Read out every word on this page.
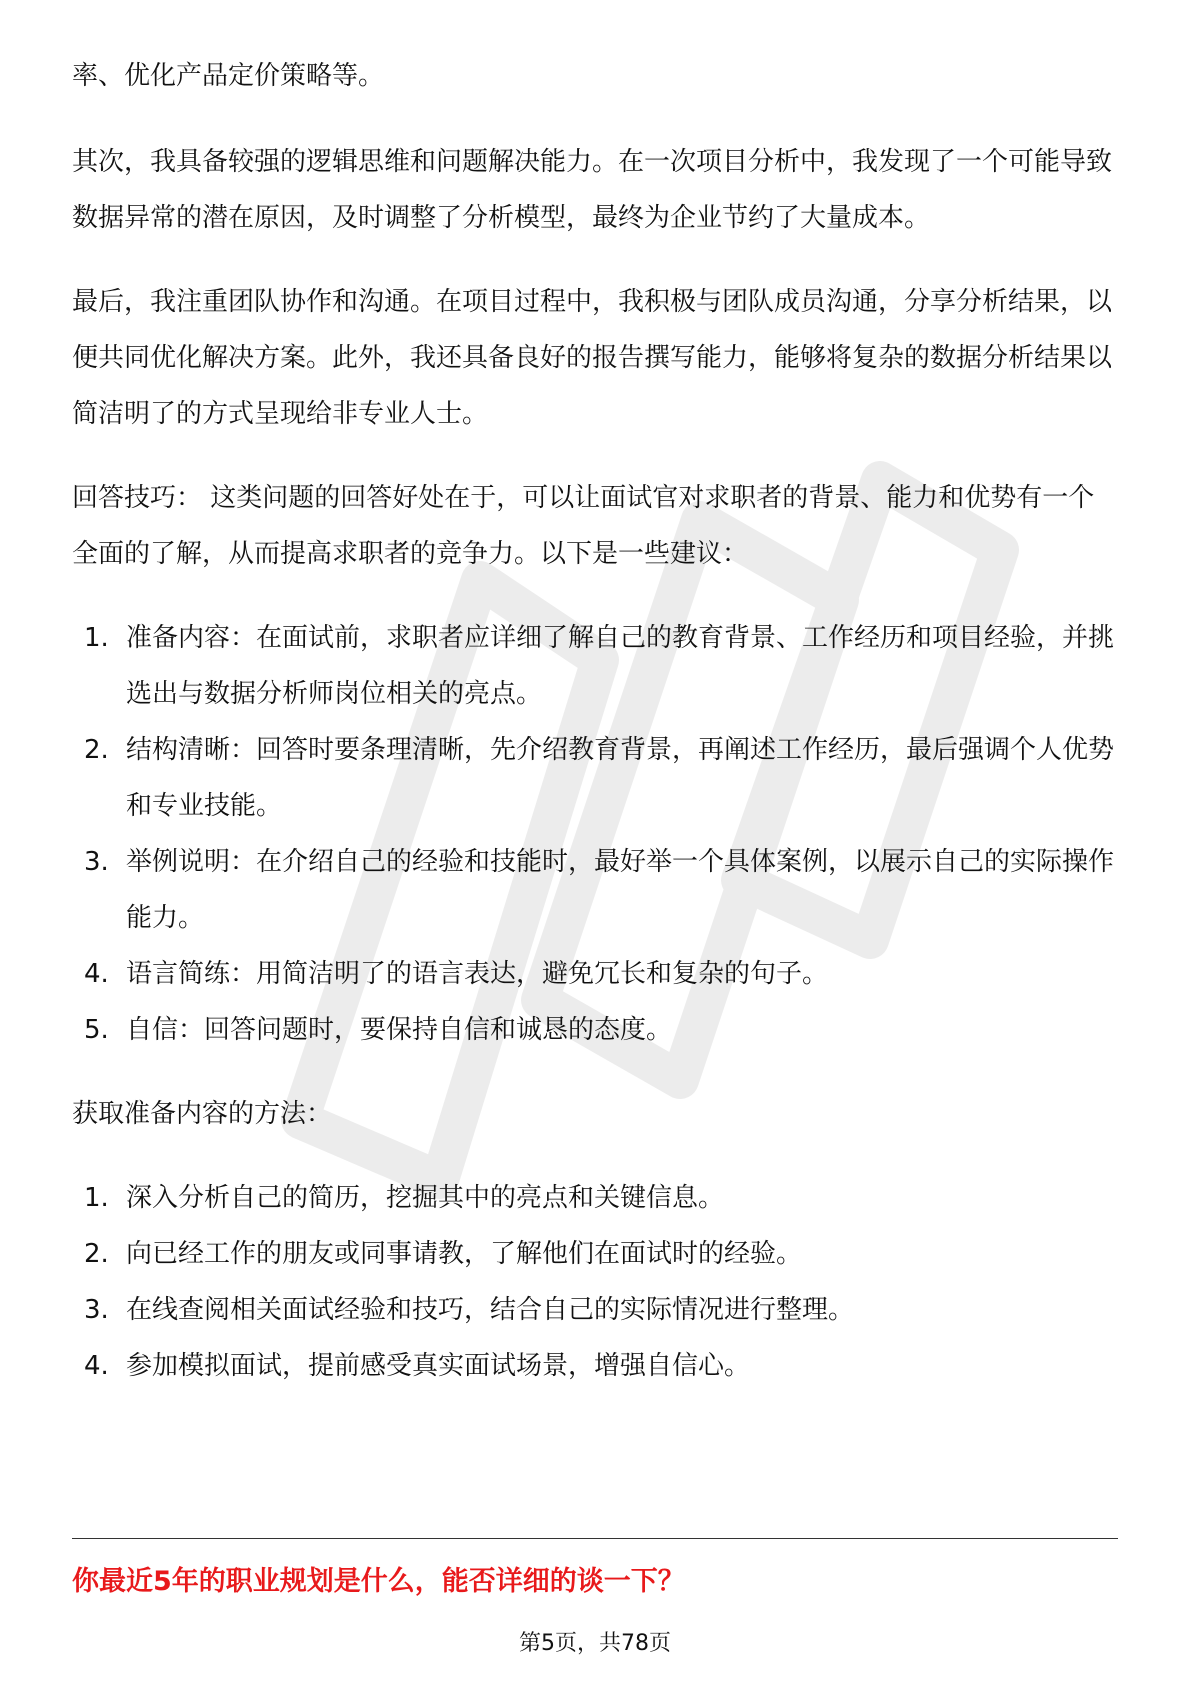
率、优化产品定价策略等。

其次，我具备较强的逻辑思维和问题解决能力。在一次项目分析中，我发现了一个可能导致数据异常的潜在原因，及时调整了分析模型，最终为企业节约了大量成本。

最后，我注重团队协作和沟通。在项目过程中，我积极与团队成员沟通，分享分析结果，以便共同优化解决方案。此外，我还具备良好的报告撰写能力，能够将复杂的数据分析结果以简洁明了的方式呈现给非专业人士。

回答技巧： 这类问题的回答好处在于，可以让面试官对求职者的背景、能力和优势有一个全面的了解，从而提高求职者的竞争力。以下是一些建议：

1. 准备内容：在面试前，求职者应详细了解自己的教育背景、工作经历和项目经验，并挑选出与数据分析师岗位相关的亮点。
2. 结构清晰：回答时要条理清晰，先介绍教育背景，再阐述工作经历，最后强调个人优势和专业技能。
3. 举例说明：在介绍自己的经验和技能时，最好举一个具体案例，以展示自己的实际操作能力。
4. 语言简练：用简洁明了的语言表达，避免冗长和复杂的句子。
5. 自信：回答问题时，要保持自信和诚恳的态度。

获取准备内容的方法：

1. 深入分析自己的简历，挖掘其中的亮点和关键信息。
2. 向已经工作的朋友或同事请教，了解他们在面试时的经验。
3. 在线查阅相关面试经验和技巧，结合自己的实际情况进行整理。
4. 参加模拟面试，提前感受真实面试场景，增强自信心。
你最近5年的职业规划是什么，能否详细的谈一下？
第5页，共78页
